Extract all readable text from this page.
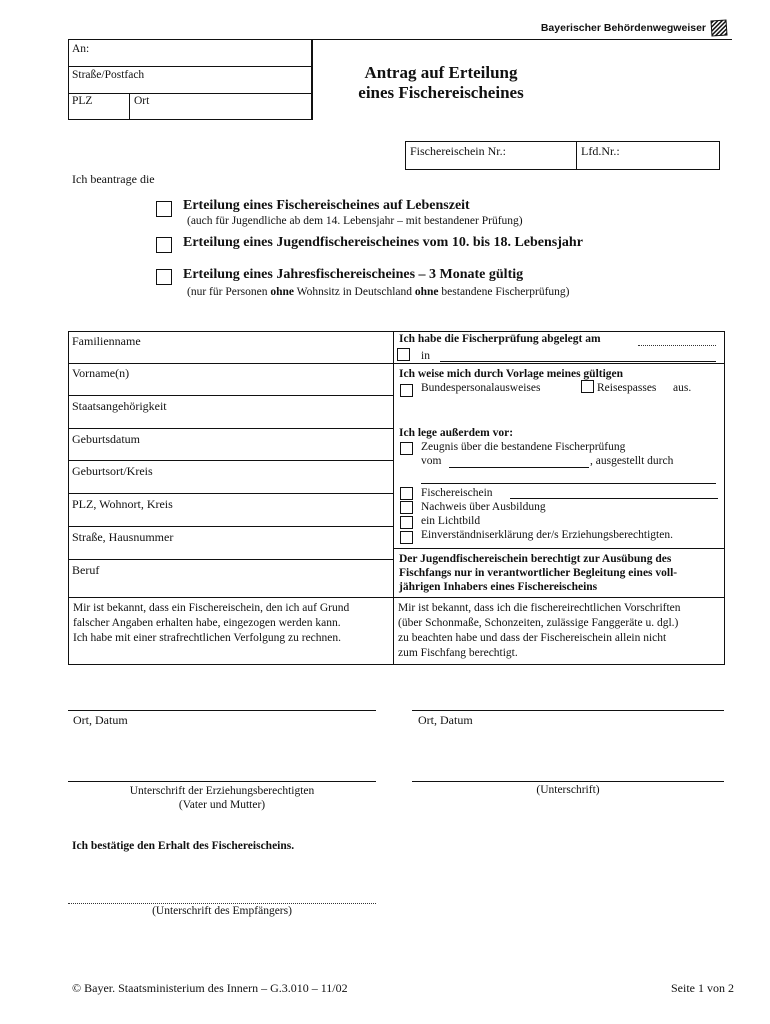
Bayerischer Behördenwegweiser
An:
Straße/Postfach
PLZ	Ort
Antrag auf Erteilung
eines Fischereischeines
Fischereischein Nr.:	Lfd.Nr.:
Ich beantrage die
Erteilung eines Fischereischeines auf Lebenszeit
(auch für Jugendliche ab dem 14. Lebensjahr – mit bestandener Prüfung)
Erteilung eines Jugendfischereischeines vom 10. bis 18. Lebensjahr
Erteilung eines Jahresfischereischeines – 3 Monate gültig
(nur für Personen ohne Wohnsitz in Deutschland ohne bestandene Fischerprüfung)
Familienname
Vorname(n)
Staatsangehörigkeit
Geburtsdatum
Geburtsort/Kreis
PLZ, Wohnort, Kreis
Straße, Hausnummer
Beruf
Ich habe die Fischerprüfung abgelegt am
in
Ich weise mich durch Vorlage meines gültigen
Bundespersonalausweises	Reisespasses aus.
Ich lege außerdem vor:
Zeugnis über die bestandene Fischerprüfung
vom	, ausgestellt durch
Fischereischein
Nachweis über Ausbildung
ein Lichtbild
Einverständniserklärung der/s Erziehungsberechtigten.
Der Jugendfischereischein berechtigt zur Ausübung des
Fischfangs nur in verantwortlicher Begleitung eines voll-
jährigen Inhabers eines Fischereischeins
Mir ist bekannt, dass ein Fischereischein, den ich auf Grund
falscher Angaben erhalten habe, eingezogen werden kann.
Ich habe mit einer strafrechtlichen Verfolgung zu rechnen.
Mir ist bekannt, dass ich die fischereirechtlichen Vorschriften
(über Schonmaße, Schonzeiten, zulässige Fanggeräte u. dgl.)
zu beachten habe und dass der Fischereischein allein nicht
zum Fischfang berechtigt.
Ort, Datum	Ort, Datum
Unterschrift der Erziehungsberechtigten
(Vater und Mutter)
(Unterschrift)
Ich bestätige den Erhalt des Fischereischeins.
(Unterschrift des Empfängers)
© Bayer. Staatsministerium des Innern – G.3.010 – 11/02	Seite 1 von 2
